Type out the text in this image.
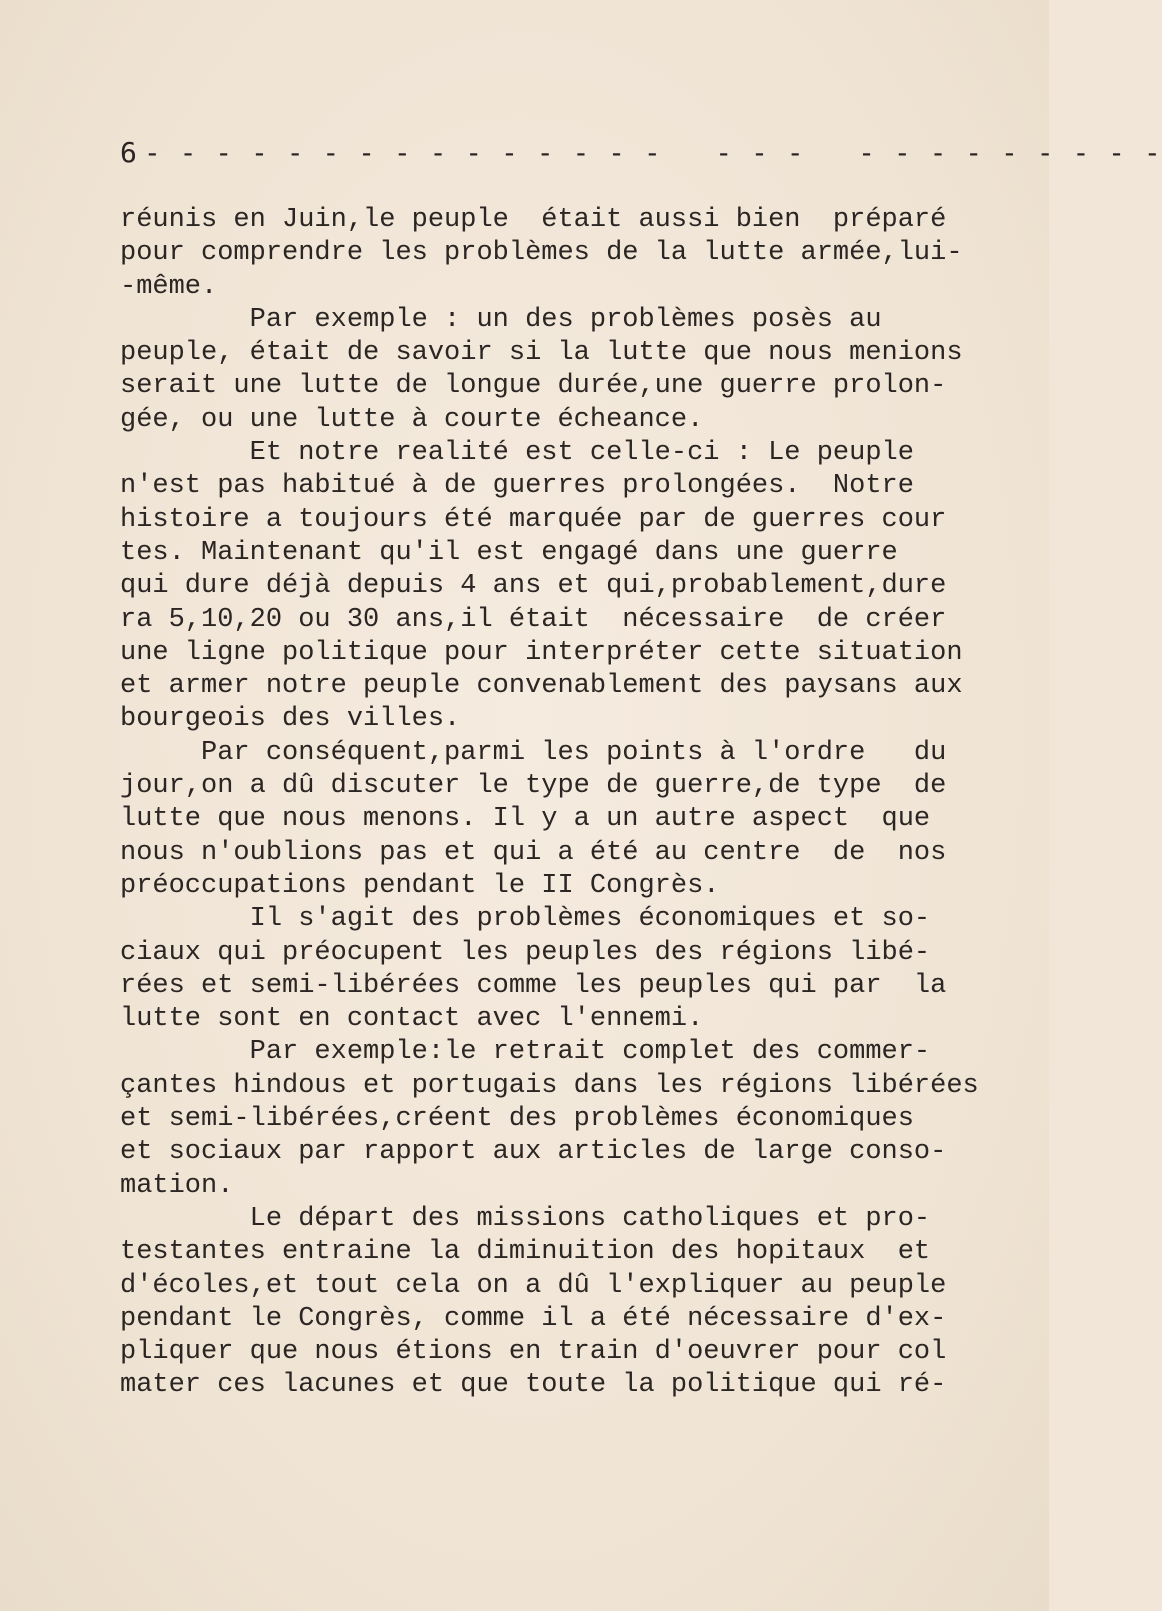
6 - - - - - - - - - - - - - - -   - - -   - - - - - - - - -
réunis en Juin,le peuple  était aussi bien  préparé
pour comprendre les problèmes de la lutte armée,lui-
-même.
Par exemple : un des problèmes posès au
peuple, était de savoir si la lutte que nous menions
serait une lutte de longue durée,une guerre prolon-
gée, ou une lutte à courte écheance.
Et notre realité est celle-ci : Le peuple
n'est pas habitué à de guerres prolongées.  Notre
histoire a toujours été marquée par de guerres cour
tes. Maintenant qu'il est engagé dans une guerre
qui dure déjà depuis 4 ans et qui,probablement,dure
ra 5,10,20 ou 30 ans,il était  nécessaire  de créer
une ligne politique pour interpréter cette situation
et armer notre peuple convenablement des paysans aux
bourgeois des villes.
Par conséquent,parmi les points à l'ordre   du
jour,on a dû discuter le type de guerre,de type  de
lutte que nous menons. Il y a un autre aspect  que
nous n'oublions pas et qui a été au centre  de  nos
préoccupations pendant le II Congrès.
Il s'agit des problèmes économiques et so-
ciaux qui préocupent les peuples des régions libé-
rées et semi-libérées comme les peuples qui par  la
lutte sont en contact avec l'ennemi.
Par exemple:le retrait complet des commer-
çantes hindous et portugais dans les régions libérées
et semi-libérées,créent des problèmes économiques
et sociaux par rapport aux articles de large conso-
mation.
Le départ des missions catholiques et pro-
testantes entraine la diminuition des hopitaux  et
d'écoles,et tout cela on a dû l'expliquer au peuple
pendant le Congrès, comme il a été nécessaire d'ex-
pliquer que nous étions en train d'oeuvrer pour col
mater ces lacunes et que toute la politique qui ré-
